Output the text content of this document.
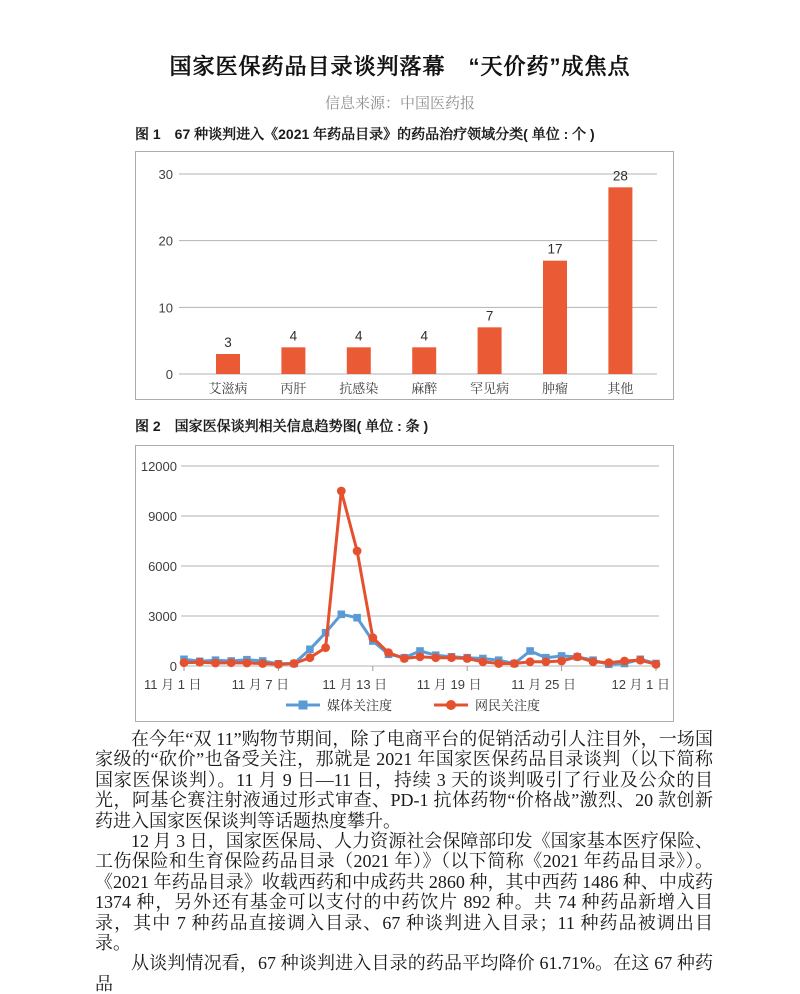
国家医保药品目录谈判落幕　“天价药”成焦点
信息来源：中国医药报
图 1　67 种谈判进入《2021 年药品目录》的药品治疗领域分类( 单位 : 个 )
0
10
20
30
3
艾滋病
4
丙肝
4
抗感染
4
麻醉
7
罕见病
17
肿瘤
28
其他
图 2　国家医保谈判相关信息趋势图( 单位 : 条 )
0
3000
6000
9000
12000
11 月 1 日 11 月 7 日	11 月 13 日 11 月 19 日 11 月 25 日	12 月 1 日
媒体关注度	网民关注度

在今年“双 11”购物节期间，除了电商平台的促销活动引人注目外，一场国家级的“砍价”也备受关注，那就是 2021 年国家医保药品目录谈判（以下简称国家医保谈判）。11 月 9 日—11 日，持续 3 天的谈判吸引了行业及公众的目光，阿基仑赛注射液通过形式审查、PD-1 抗体药物“价格战”激烈、20 款创新药进入国家医保谈判等话题热度攀升。

12 月 3 日，国家医保局、人力资源社会保障部印发《国家基本医疗保险、工伤保险和生育保险药品目录（2021 年）》（以下简称《2021 年药品目录》）。《2021 年药品目录》收载西药和中成药共 2860 种，其中西药 1486 种、中成药 1374 种，另外还有基金可以支付的中药饮片 892 种。共 74 种药品新增入目录，其中 7 种药品直接调入目录、67 种谈判进入目录；11 种药品被调出目录。

从谈判情况看，67 种谈判进入目录的药品平均降价 61.71%。在这 67 种药品
